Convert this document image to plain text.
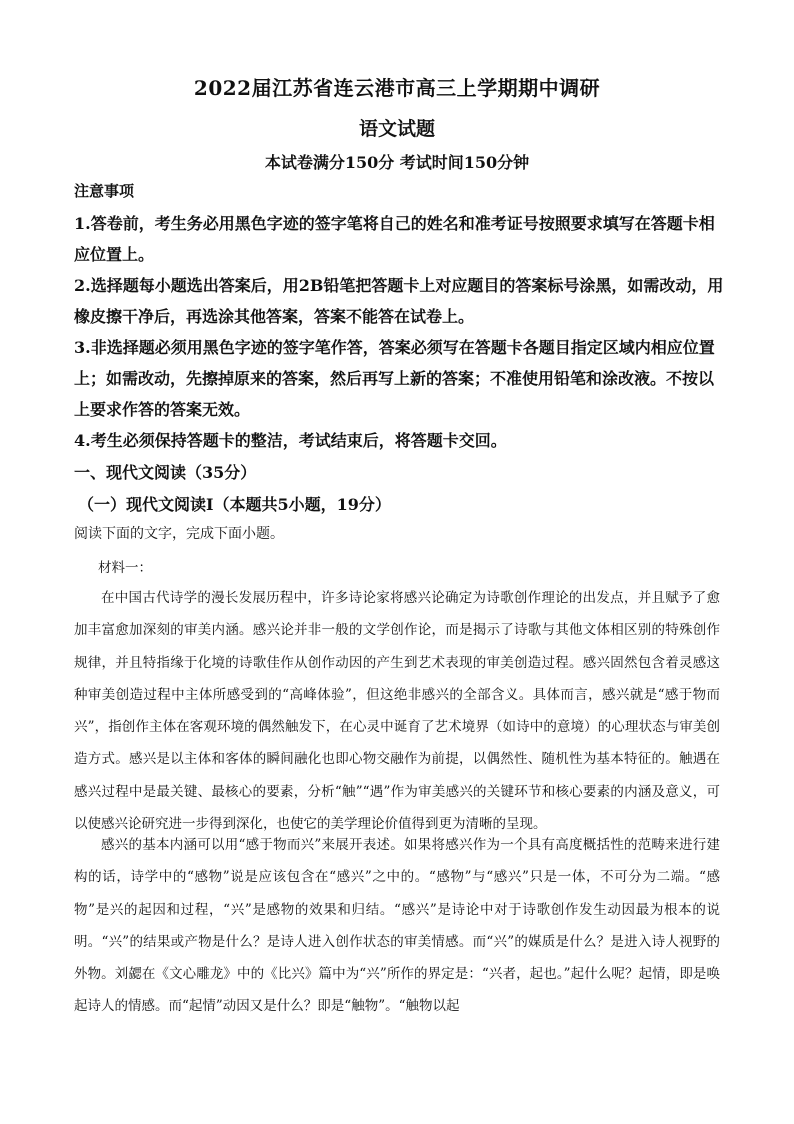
2022届江苏省连云港市高三上学期期中调研
语文试题
本试卷满分150分 考试时间150分钟
注意事项

1.答卷前，考生务必用黑色字迹的签字笔将自己的姓名和准考证号按照要求填写在答题卡相应位置上。

2.选择题每小题选出答案后，用2B铅笔把答题卡上对应题目的答案标号涂黑，如需改动，用橡皮擦干净后，再选涂其他答案，答案不能答在试卷上。

3.非选择题必须用黑色字迹的签字笔作答，答案必须写在答题卡各题目指定区域内相应位置上；如需改动，先擦掉原来的答案，然后再写上新的答案；不准使用铅笔和涂改液。不按以上要求作答的答案无效。

4.考生必须保持答题卡的整洁，考试结束后，将答题卡交回。

一、现代文阅读（35分）
（一）现代文阅读Ⅰ（本题共5小题，19分）
阅读下面的文字，完成下面小题。
材料一：

在中国古代诗学的漫长发展历程中，许多诗论家将感兴论确定为诗歌创作理论的出发点，并且赋予了愈加丰富愈加深刻的审美内涵。感兴论并非一般的文学创作论，而是揭示了诗歌与其他文体相区别的特殊创作规律，并且特指缘于化境的诗歌佳作从创作动因的产生到艺术表现的审美创造过程。感兴固然包含着灵感这种审美创造过程中主体所感受到的“高峰体验”，但这绝非感兴的全部含义。具体而言，感兴就是“感于物而兴”，指创作主体在客观环境的偶然触发下，在心灵中诞育了艺术境界（如诗中的意境）的心理状态与审美创造方式。感兴是以主体和客体的瞬间融化也即心物交融作为前提，以偶然性、随机性为基本特征的。触遇在感兴过程中是最关键、最核心的要素，分析“触”“遇”作为审美感兴的关键环节和核心要素的内涵及意义，可以使感兴论研究进一步得到深化，也使它的美学理论价值得到更为清晰的呈现。

感兴的基本内涵可以用“感于物而兴”来展开表述。如果将感兴作为一个具有高度概括性的范畴来进行建构的话，诗学中的“感物”说是应该包含在“感兴”之中的。“感物”与“感兴”只是一体，不可分为二端。“感物”是兴的起因和过程，“兴”是感物的效果和归结。“感兴”是诗论中对于诗歌创作发生动因最为根本的说明。“兴”的结果或产物是什么？是诗人进入创作状态的审美情感。而“兴”的媒质是什么？是进入诗人视野的外物。刘勰在《文心雕龙》中的《比兴》篇中为“兴”所作的界定是：“兴者，起也。”起什么呢？起情，即是唤起诗人的情感。而“起情”动因又是什么？即是“触物”。“触物以起
